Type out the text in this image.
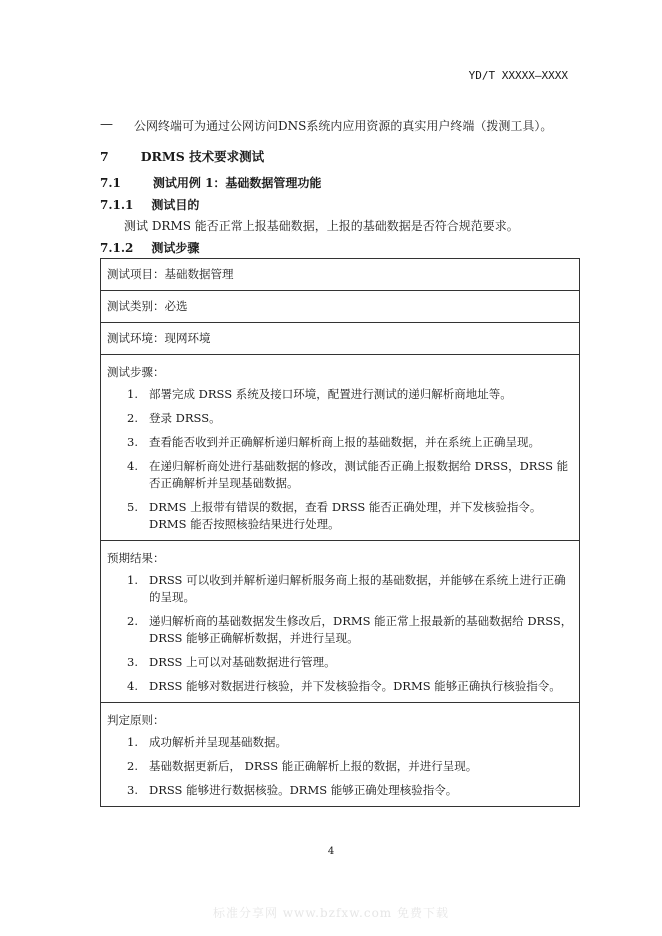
YD/T XXXXX—XXXX
— 公网终端可为通过公网访问DNS系统内应用资源的真实用户终端（拨测工具）。
7	DRMS 技术要求测试
7.1	测试用例 1：基础数据管理功能
7.1.1 测试目的
测试 DRMS 能否正常上报基础数据，上报的基础数据是否符合规范要求。
7.1.2 测试步骤
测试项目：基础数据管理

测试类别：必选

测试环境：现网环境

测试步骤：
1. 部署完成 DRSS 系统及接口环境，配置进行测试的递归解析商地址等。
2. 登录 DRSS。
3. 查看能否收到并正确解析递归解析商上报的基础数据，并在系统上正确呈现。
4. 在递归解析商处进行基础数据的修改，测试能否正确上报数据给 DRSS，DRSS 能否正确解析并呈现基础数据。
5. DRMS 上报带有错误的数据，查看 DRSS 能否正确处理，并下发核验指令。DRMS 能否按照核验结果进行处理。

预期结果：
1. DRSS 可以收到并解析递归解析服务商上报的基础数据，并能够在系统上进行正确的呈现。
2. 递归解析商的基础数据发生修改后，DRMS 能正常上报最新的基础数据给 DRSS，DRSS 能够正确解析数据，并进行呈现。
3. DRSS 上可以对基础数据进行管理。
4. DRSS 能够对数据进行核验，并下发核验指令。DRMS 能够正确执行核验指令。

判定原则：
1. 成功解析并呈现基础数据。
2. 基础数据更新后， DRSS 能正确解析上报的数据，并进行呈现。
3. DRSS 能够进行数据核验。DRMS 能够正确处理核验指令。
4
标准分享网 www.bzfxw.com 免费下载
